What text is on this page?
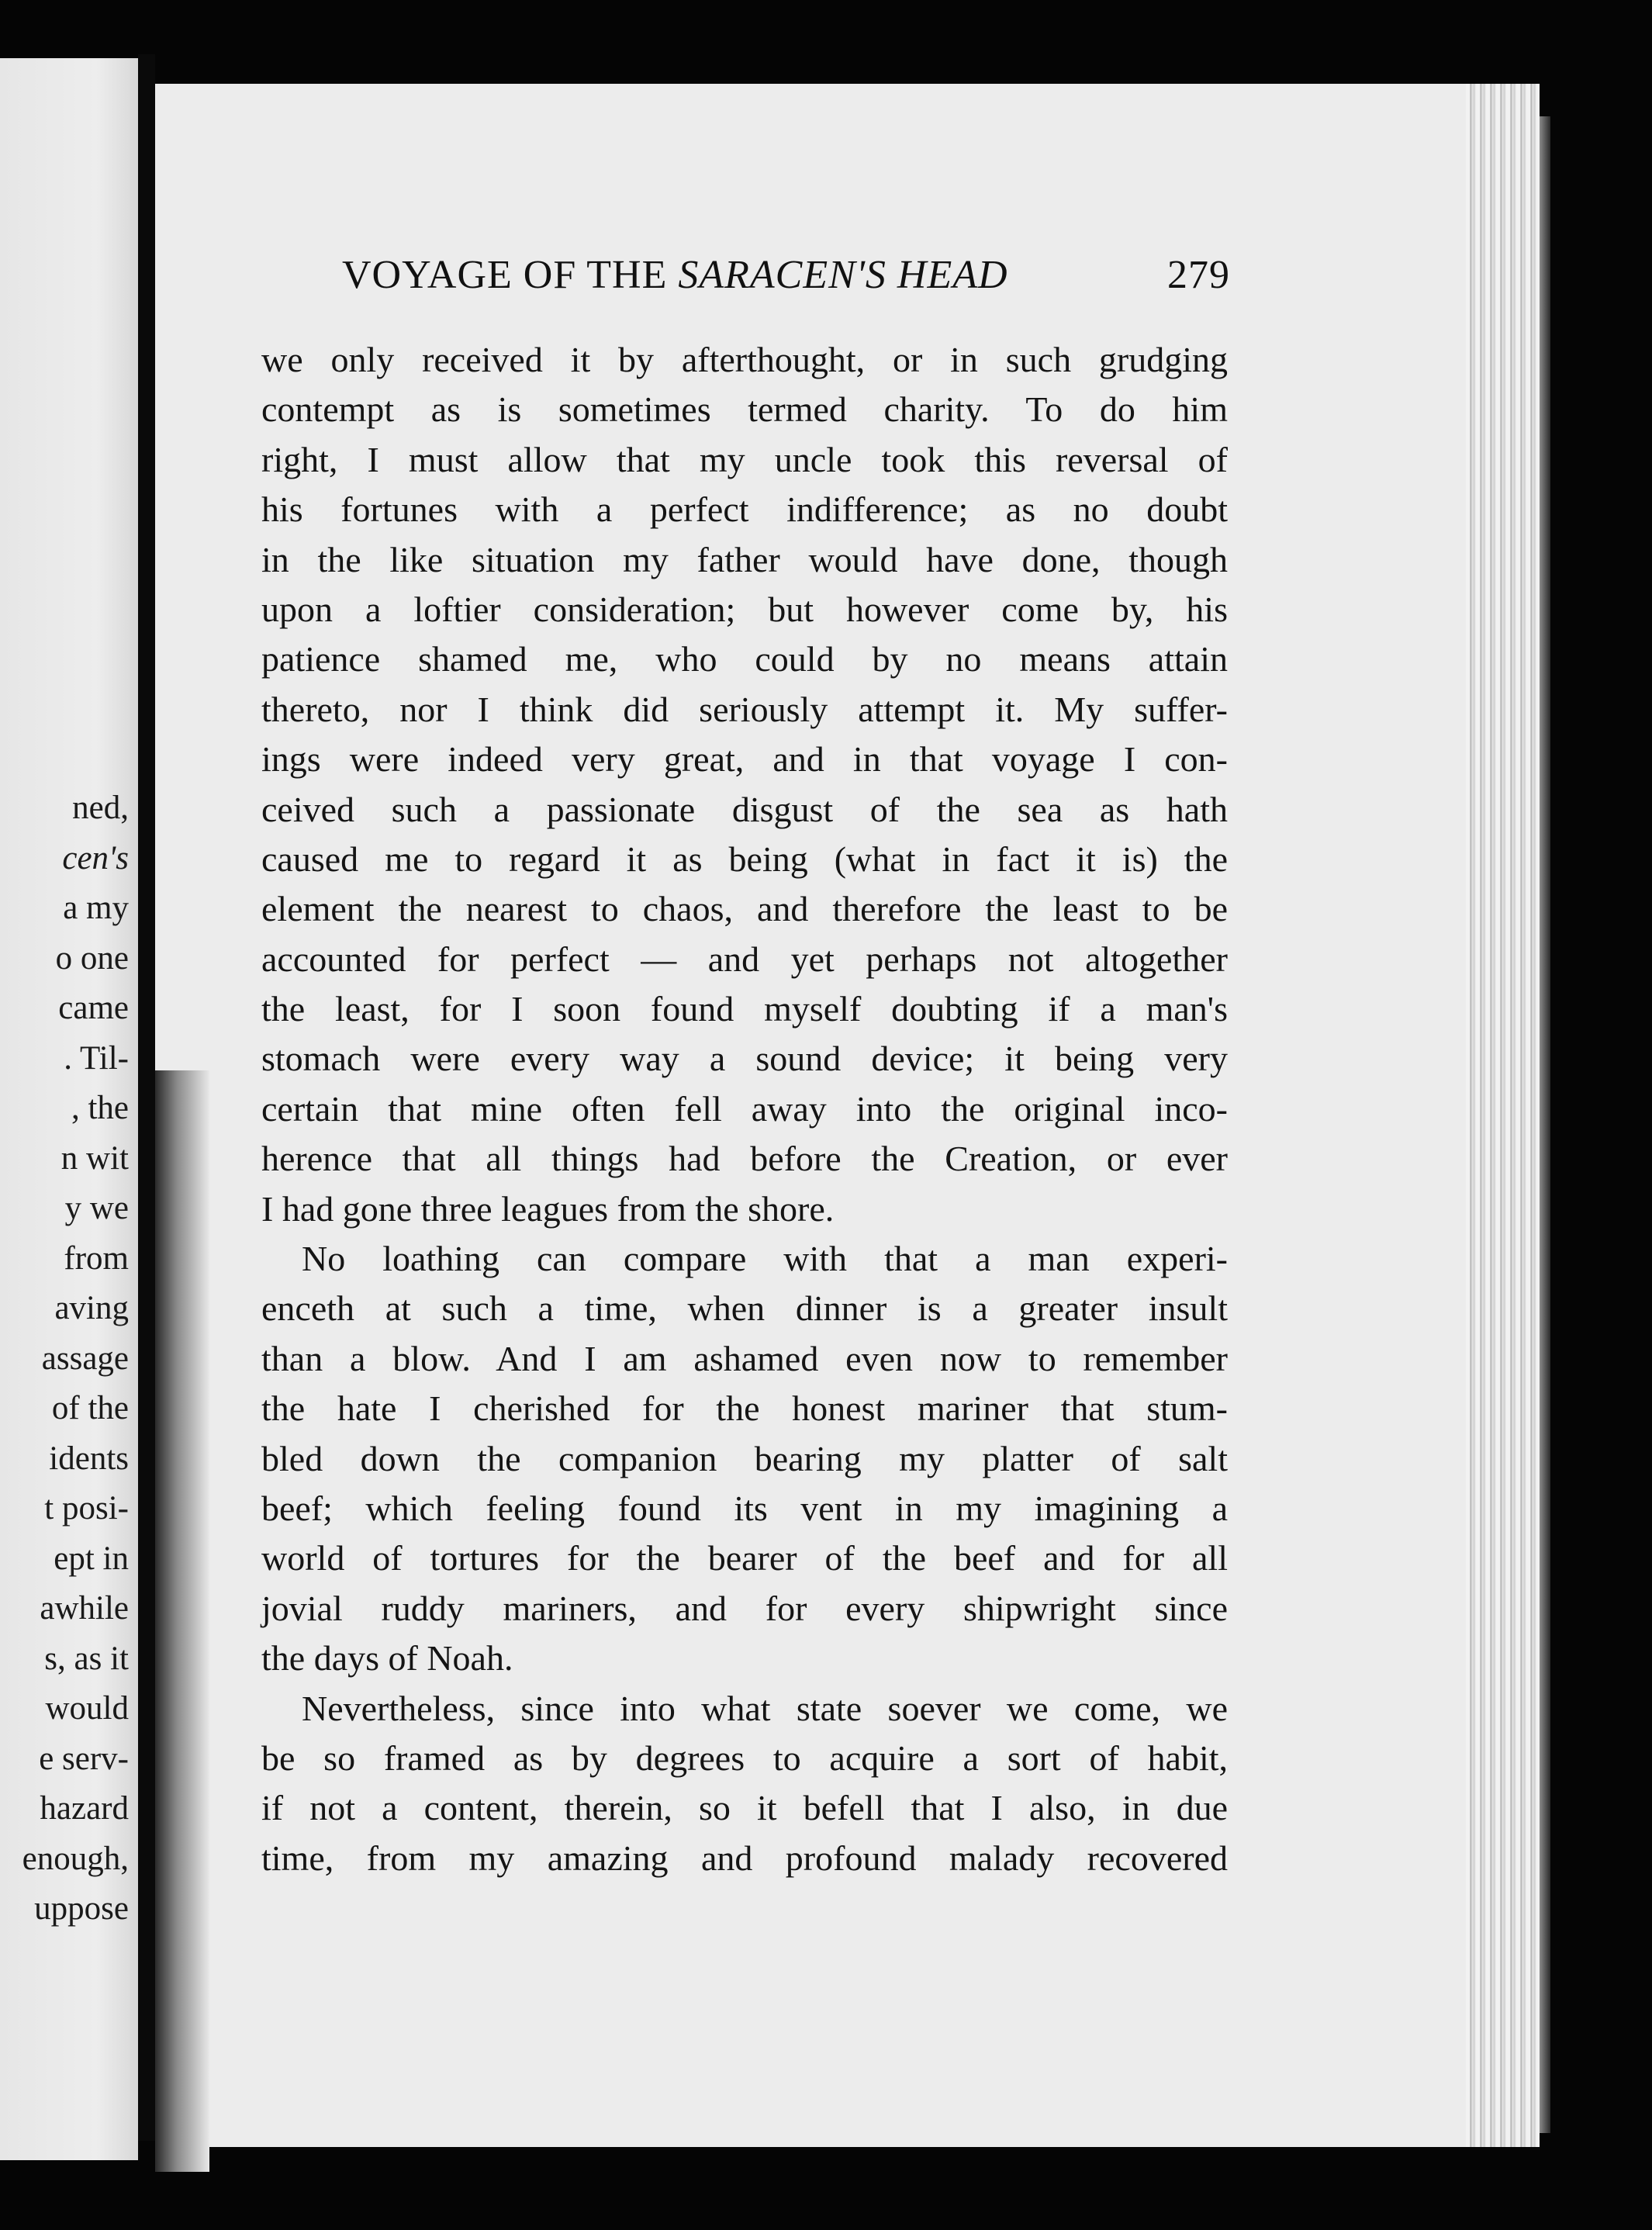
ned,
cen's
a my
o one
came
. Til-
, the
n wit
y we
from
aving
assage
of the
idents
t posi-
ept in
awhile
s, as it
would
e serv-
hazard
enough,
uppose
VOYAGE OF THE SARACEN'S HEAD	279
we only received it by afterthought, or in such grudging
contempt as is sometimes termed charity. To do him
right, I must allow that my uncle took this reversal of
his fortunes with a perfect indifference; as no doubt
in the like situation my father would have done, though
upon a loftier consideration; but however come by, his
patience shamed me, who could by no means attain
thereto, nor I think did seriously attempt it. My suffer-
ings were indeed very great, and in that voyage I con-
ceived such a passionate disgust of the sea as hath
caused me to regard it as being (what in fact it is) the
element the nearest to chaos, and therefore the least to be
accounted for perfect — and yet perhaps not altogether
the least, for I soon found myself doubting if a man's
stomach were every way a sound device; it being very
certain that mine often fell away into the original inco-
herence that all things had before the Creation, or ever
I had gone three leagues from the shore.
No loathing can compare with that a man experi-
enceth at such a time, when dinner is a greater insult
than a blow. And I am ashamed even now to remember
the hate I cherished for the honest mariner that stum-
bled down the companion bearing my platter of salt
beef; which feeling found its vent in my imagining a
world of tortures for the bearer of the beef and for all
jovial ruddy mariners, and for every shipwright since
the days of Noah.
Nevertheless, since into what state soever we come, we
be so framed as by degrees to acquire a sort of habit,
if not a content, therein, so it befell that I also, in due
time, from my amazing and profound malady recovered
